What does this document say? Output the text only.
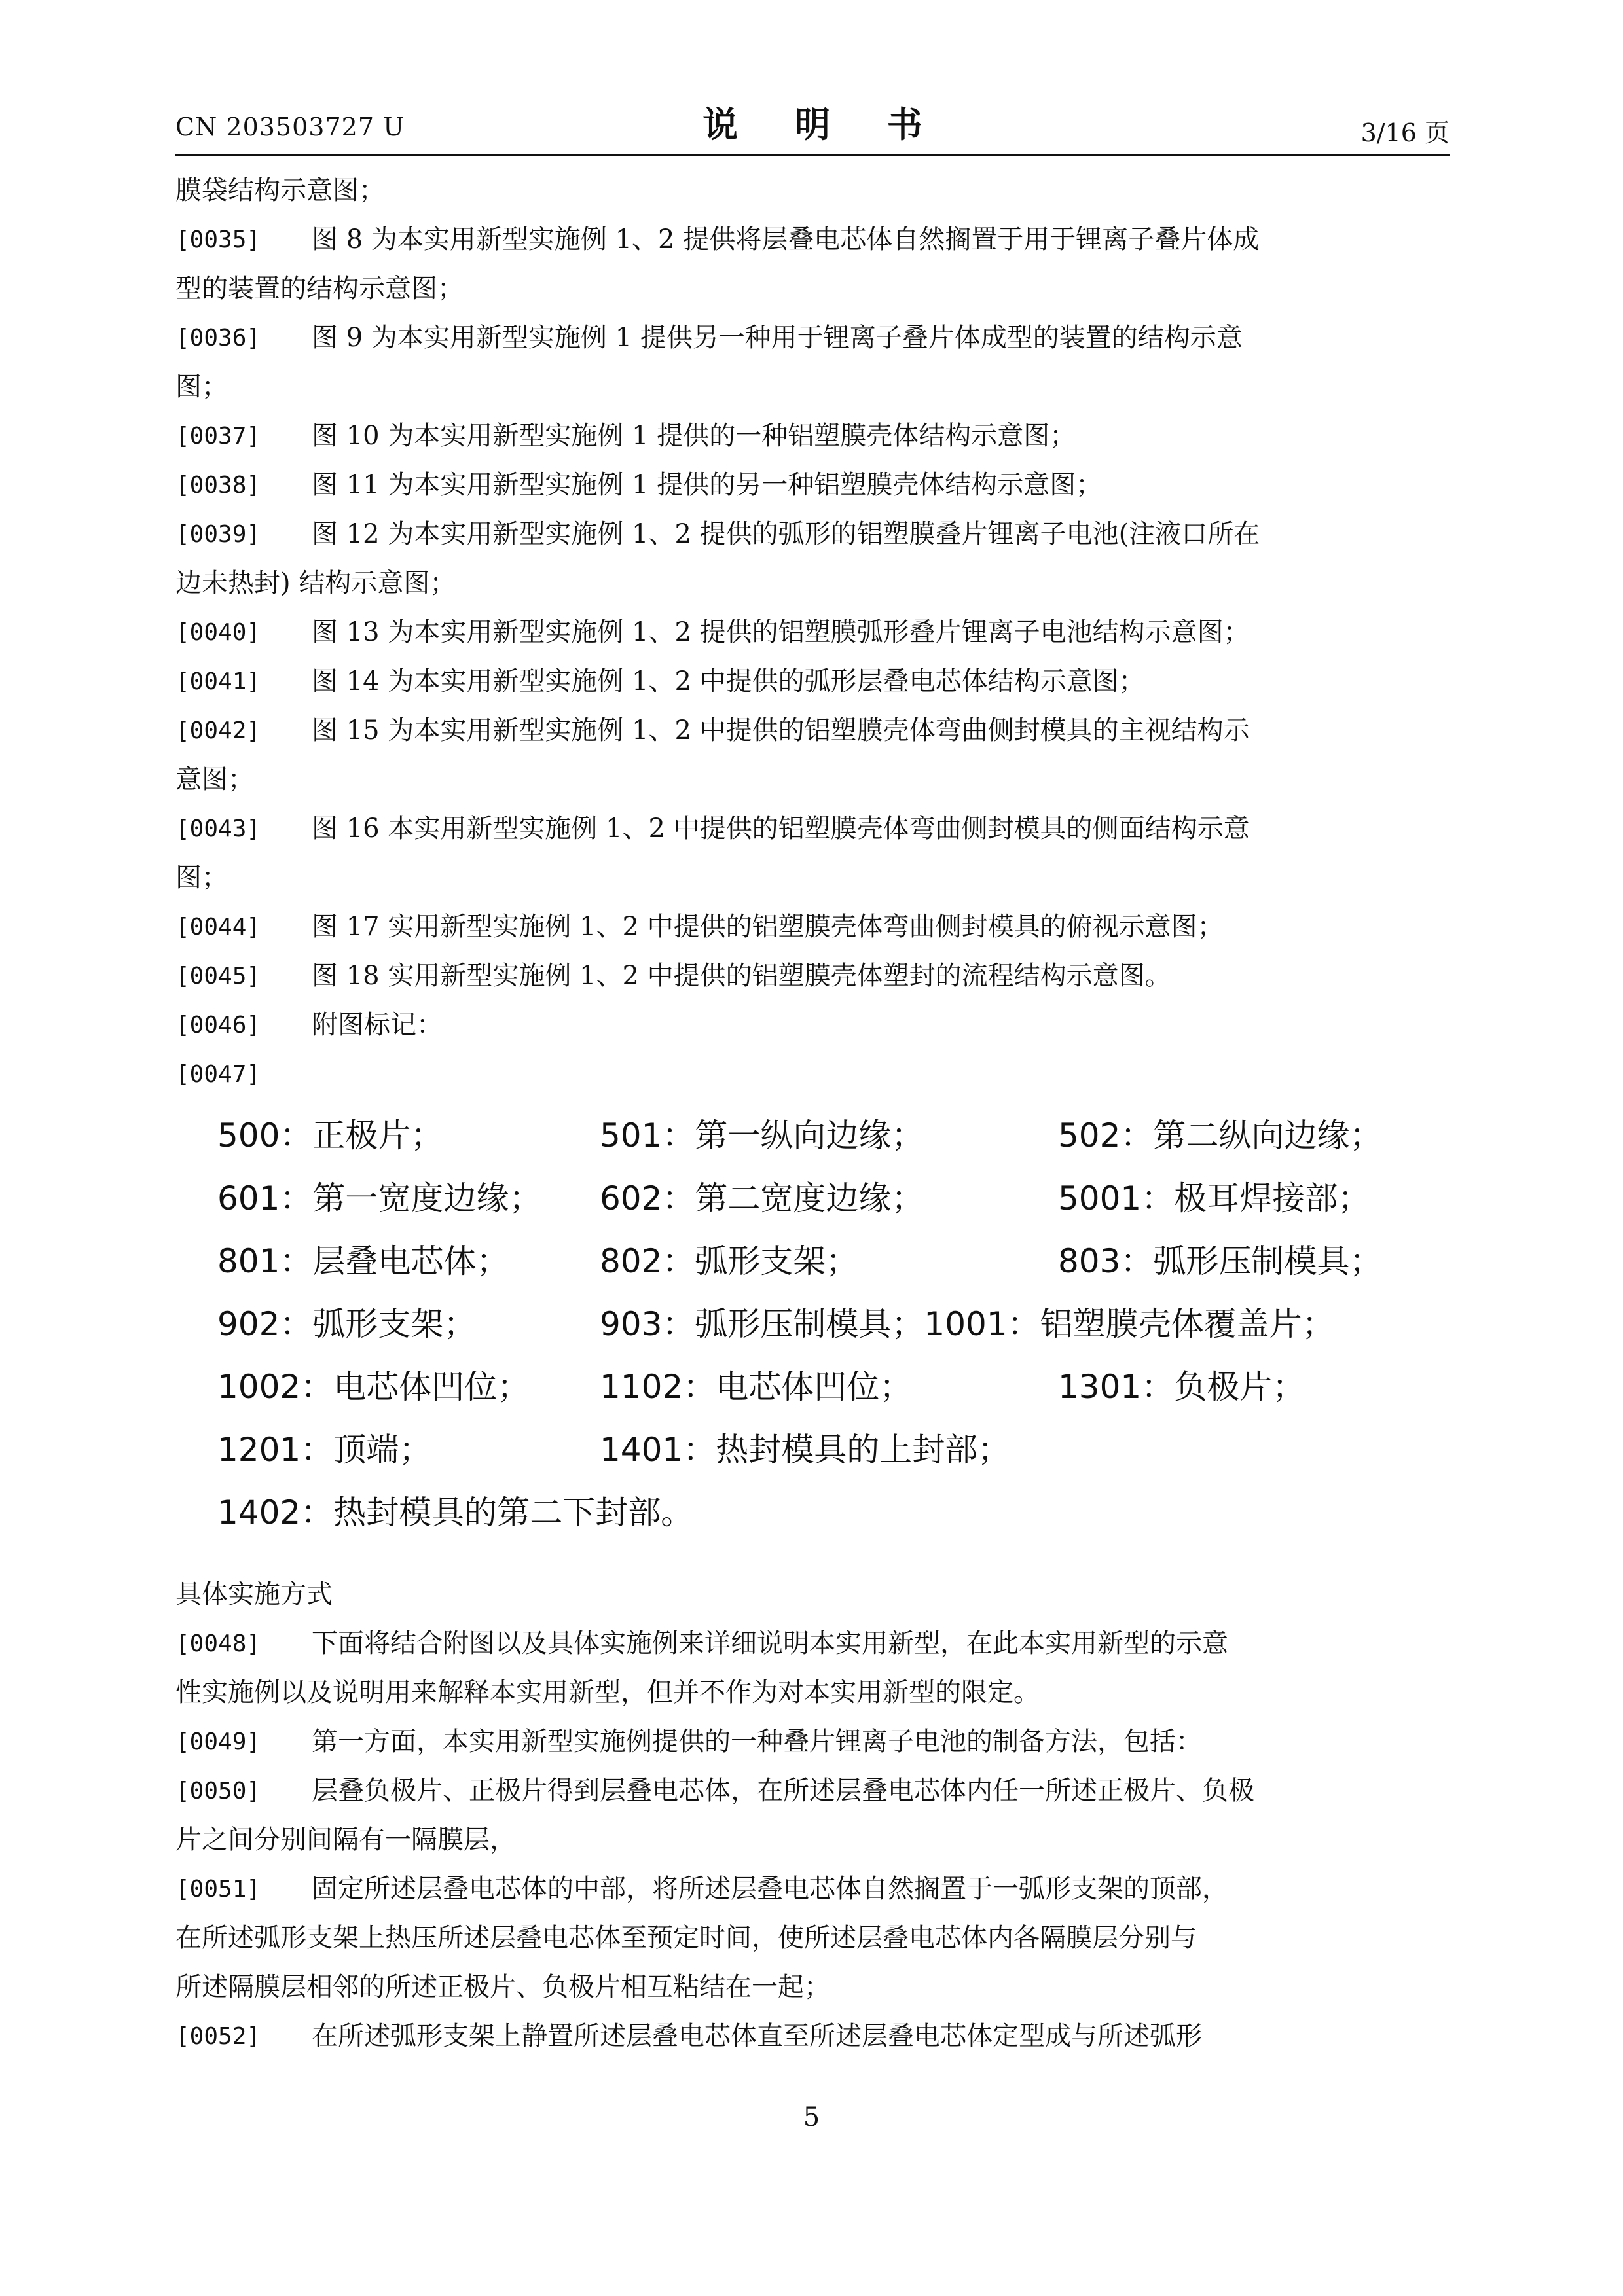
CN 203503727 U	说 明 书	3/16 页
膜袋结构示意图；
[0035]	图 8 为本实用新型实施例 1、2 提供将层叠电芯体自然搁置于用于锂离子叠片体成
型的装置的结构示意图；
[0036]	图 9 为本实用新型实施例 1 提供另一种用于锂离子叠片体成型的装置的结构示意
图；
[0037]	图 10 为本实用新型实施例 1 提供的一种铝塑膜壳体结构示意图；
[0038]	图 11 为本实用新型实施例 1 提供的另一种铝塑膜壳体结构示意图；
[0039]	图 12 为本实用新型实施例 1、2 提供的弧形的铝塑膜叠片锂离子电池(注液口所在
边未热封) 结构示意图；
[0040]	图 13 为本实用新型实施例 1、2 提供的铝塑膜弧形叠片锂离子电池结构示意图；
[0041]	图 14 为本实用新型实施例 1、2 中提供的弧形层叠电芯体结构示意图；
[0042]	图 15 为本实用新型实施例 1、2 中提供的铝塑膜壳体弯曲侧封模具的主视结构示
意图；
[0043]	图 16 本实用新型实施例 1、2 中提供的铝塑膜壳体弯曲侧封模具的侧面结构示意
图；
[0044]	图 17 实用新型实施例 1、2 中提供的铝塑膜壳体弯曲侧封模具的俯视示意图；
[0045]	图 18 实用新型实施例 1、2 中提供的铝塑膜壳体塑封的流程结构示意图。
[0046]	附图标记：
[0047]
500：正极片；	501：第一纵向边缘；	502：第二纵向边缘；
601：第一宽度边缘；	602：第二宽度边缘；	5001：极耳焊接部；
801：层叠电芯体；	802：弧形支架；	803：弧形压制模具；
902：弧形支架；	903：弧形压制模具；1001：铝塑膜壳体覆盖片；
1002：电芯体凹位；	1102：电芯体凹位；	1301：负极片；
1201：顶端；	1401：热封模具的上封部；
1402：热封模具的第二下封部。
具体实施方式
[0048]	下面将结合附图以及具体实施例来详细说明本实用新型，在此本实用新型的示意
性实施例以及说明用来解释本实用新型，但并不作为对本实用新型的限定。
[0049]	第一方面，本实用新型实施例提供的一种叠片锂离子电池的制备方法，包括：
[0050]	层叠负极片、正极片得到层叠电芯体，在所述层叠电芯体内任一所述正极片、负极
片之间分别间隔有一隔膜层，
[0051]	固定所述层叠电芯体的中部，将所述层叠电芯体自然搁置于一弧形支架的顶部，
在所述弧形支架上热压所述层叠电芯体至预定时间，使所述层叠电芯体内各隔膜层分别与
所述隔膜层相邻的所述正极片、负极片相互粘结在一起；
[0052]	在所述弧形支架上静置所述层叠电芯体直至所述层叠电芯体定型成与所述弧形
5
